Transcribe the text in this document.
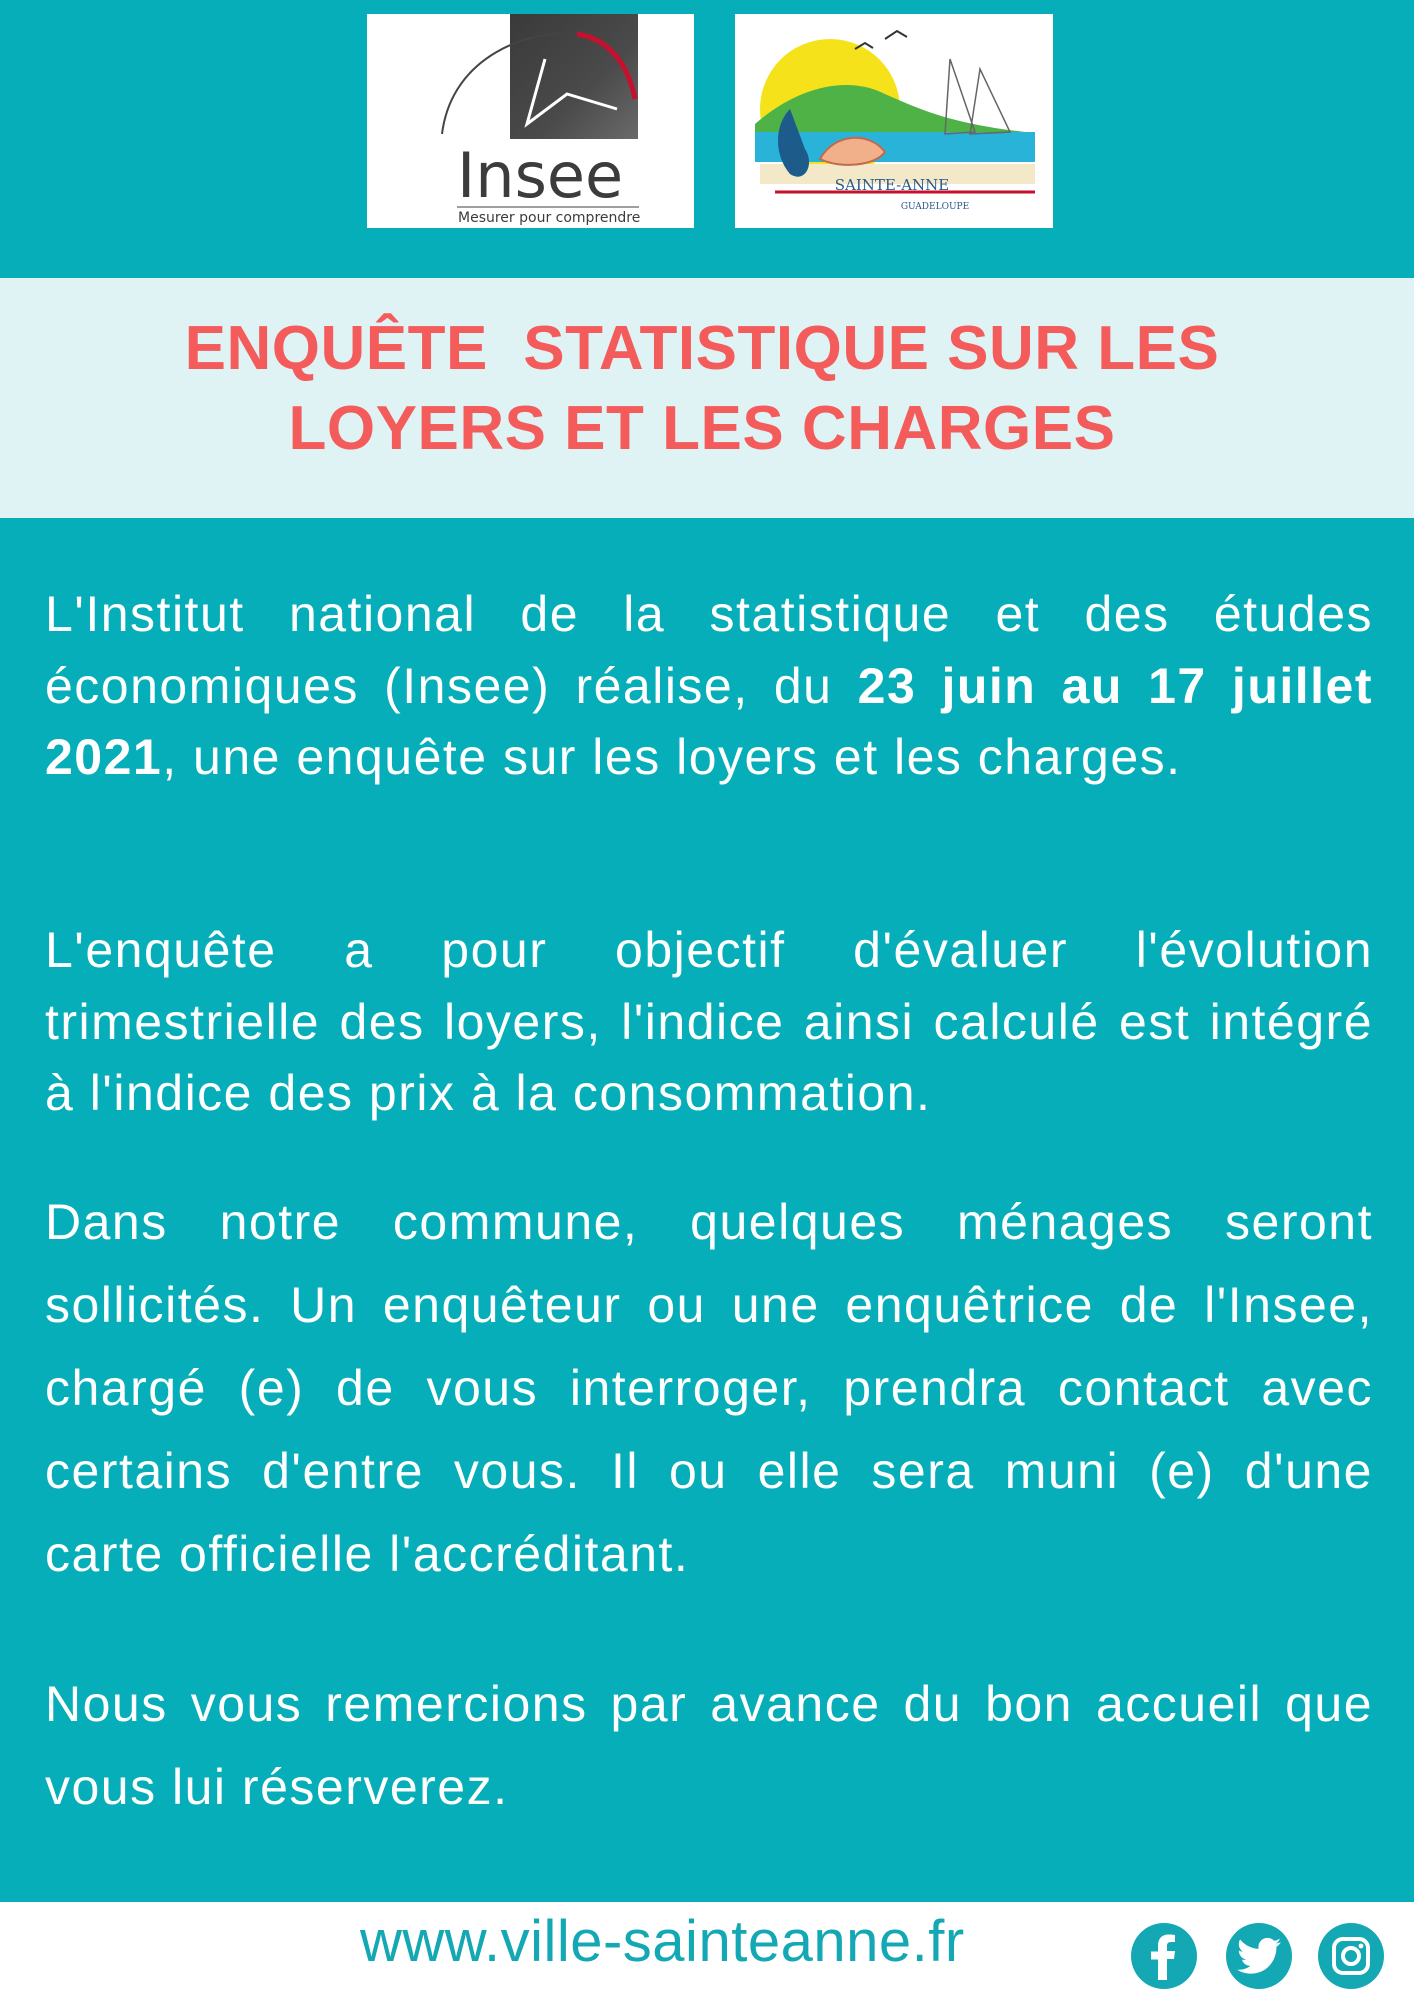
Insee
Mesurer pour comprendre
SAINTE-ANNE
GUADELOUPE
ENQUÊTE  STATISTIQUE SUR LES
LOYERS ET LES CHARGES

L'Institut national de la statistique et des études économiques (Insee) réalise, du 23 juin au 17 juillet 2021, une enquête sur les loyers et les charges.

L'enquête a pour objectif d'évaluer l'évolution trimestrielle des loyers, l'indice ainsi calculé est intégré à l'indice des prix à la consommation.

Dans notre commune, quelques ménages seront sollicités. Un enquêteur ou une enquêtrice de l'Insee, chargé (e) de vous interroger, prendra contact avec certains d'entre vous. Il ou elle sera muni (e) d'une carte officielle l'accréditant.

Nous vous remercions par avance du bon accueil que vous lui réserverez.

www.ville-sainteanne.fr
